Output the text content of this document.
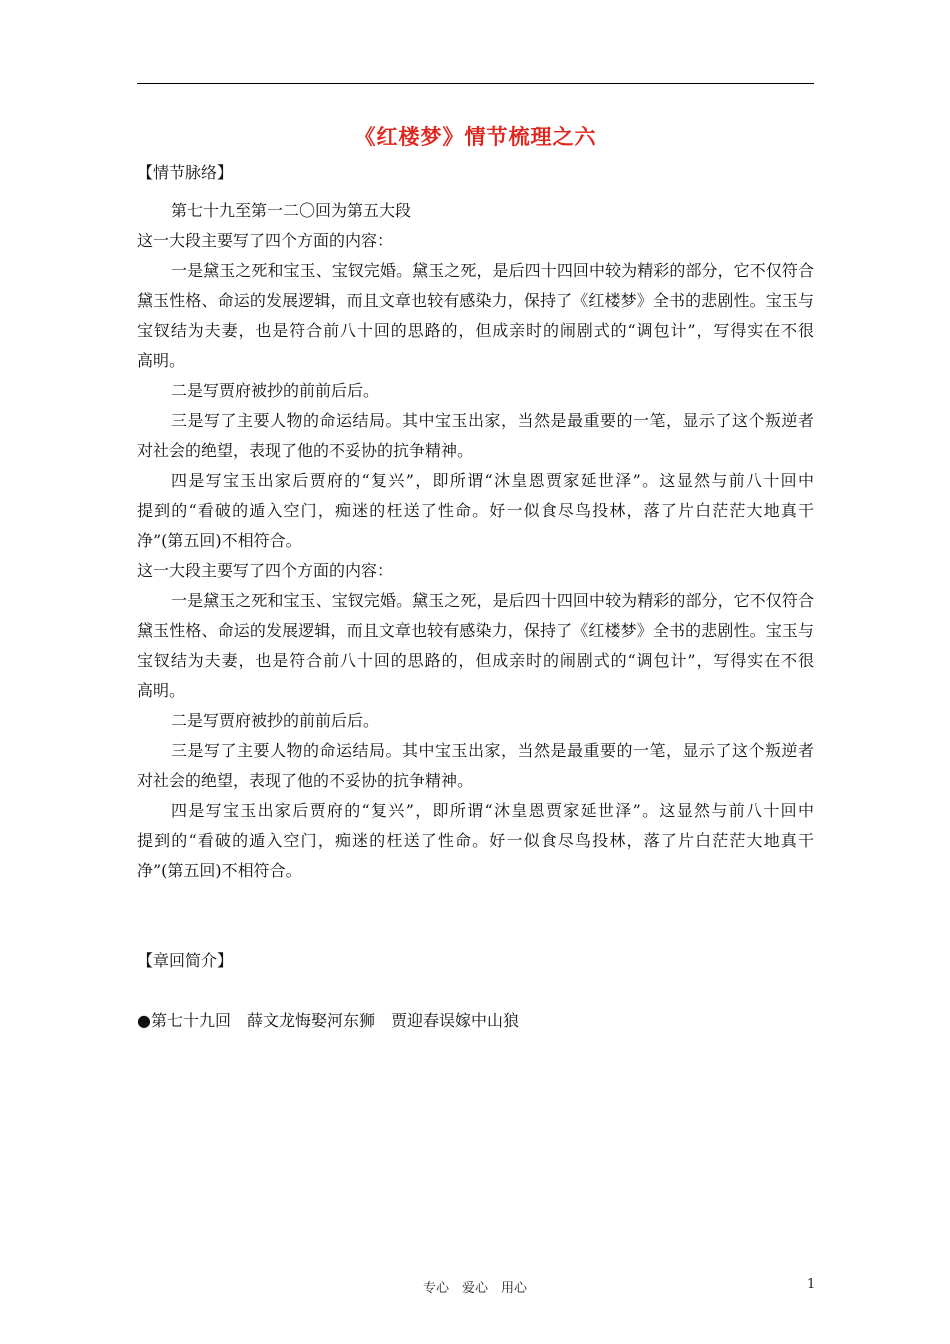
《红楼梦》情节梳理之六
【情节脉络】
第七十九至第一二〇回为第五大段
这一大段主要写了四个方面的内容：
一是黛玉之死和宝玉、宝钗完婚。黛玉之死，是后四十四回中较为精彩的部分，它不仅符合
黛玉性格、命运的发展逻辑，而且文章也较有感染力，保持了《红楼梦》全书的悲剧性。宝玉与
宝钗结为夫妻，也是符合前八十回的思路的，但成亲时的闹剧式的“调包计”，写得实在不很
高明。
二是写贾府被抄的前前后后。
三是写了主要人物的命运结局。其中宝玉出家，当然是最重要的一笔，显示了这个叛逆者
对社会的绝望，表现了他的不妥协的抗争精神。
四是写宝玉出家后贾府的“复兴”，即所谓“沐皇恩贾家延世泽”。这显然与前八十回中
提到的“看破的遁入空门，痴迷的枉送了性命。好一似食尽鸟投林，落了片白茫茫大地真干
净”(第五回)不相符合。
这一大段主要写了四个方面的内容：
一是黛玉之死和宝玉、宝钗完婚。黛玉之死，是后四十四回中较为精彩的部分，它不仅符合
黛玉性格、命运的发展逻辑，而且文章也较有感染力，保持了《红楼梦》全书的悲剧性。宝玉与
宝钗结为夫妻，也是符合前八十回的思路的，但成亲时的闹剧式的“调包计”，写得实在不很
高明。
二是写贾府被抄的前前后后。
三是写了主要人物的命运结局。其中宝玉出家，当然是最重要的一笔，显示了这个叛逆者
对社会的绝望，表现了他的不妥协的抗争精神。
四是写宝玉出家后贾府的“复兴”，即所谓“沐皇恩贾家延世泽”。这显然与前八十回中
提到的“看破的遁入空门，痴迷的枉送了性命。好一似食尽鸟投林，落了片白茫茫大地真干
净”(第五回)不相符合。
【章回简介】
●第七十九回　薛文龙悔娶河东狮　贾迎春误嫁中山狼
专心　爱心　用心	1
